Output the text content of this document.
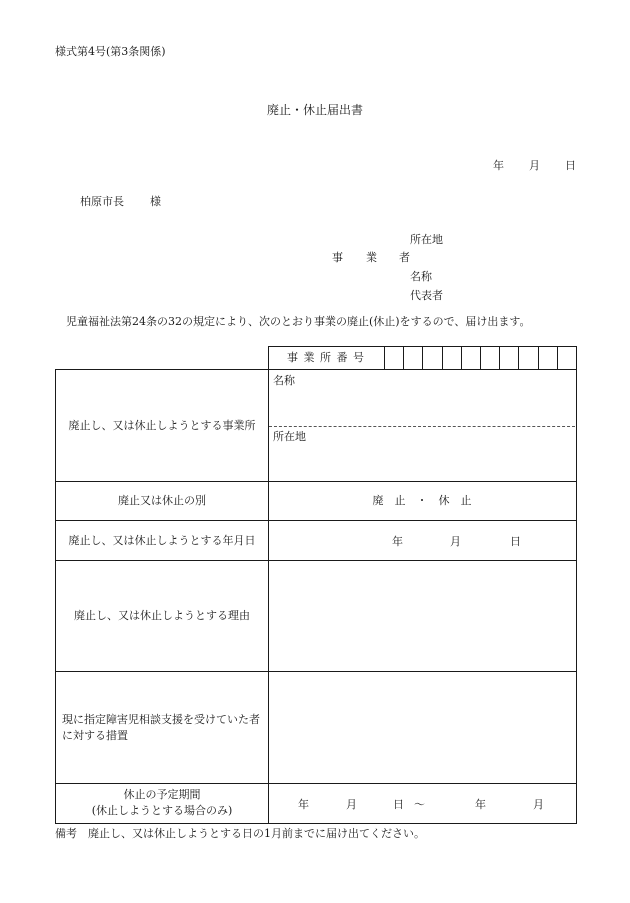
様式第4号(第3条関係)
廃止・休止届出書
年 月 日
柏原市長 様
所在地
事 業 者
名称
代表者
児童福祉法第24条の32の規定により、次のとおり事業の廃止(休止)をするので、届け出ます。
事 業 所 番 号
廃止し、又は休止しようとする事業所
名称
所在地
廃止又は休止の別	廃　止　・　休　止
廃止し、又は休止しようとする年月日	年	月	日
廃止し、又は休止しようとする理由
現に指定障害児相談支援を受けていた者に対する措置
休止の予定期間
(休止しようとする場合のみ)	年	月	日 ～	年	月
備考　廃止し、又は休止しようとする日の1月前までに届け出てください。
